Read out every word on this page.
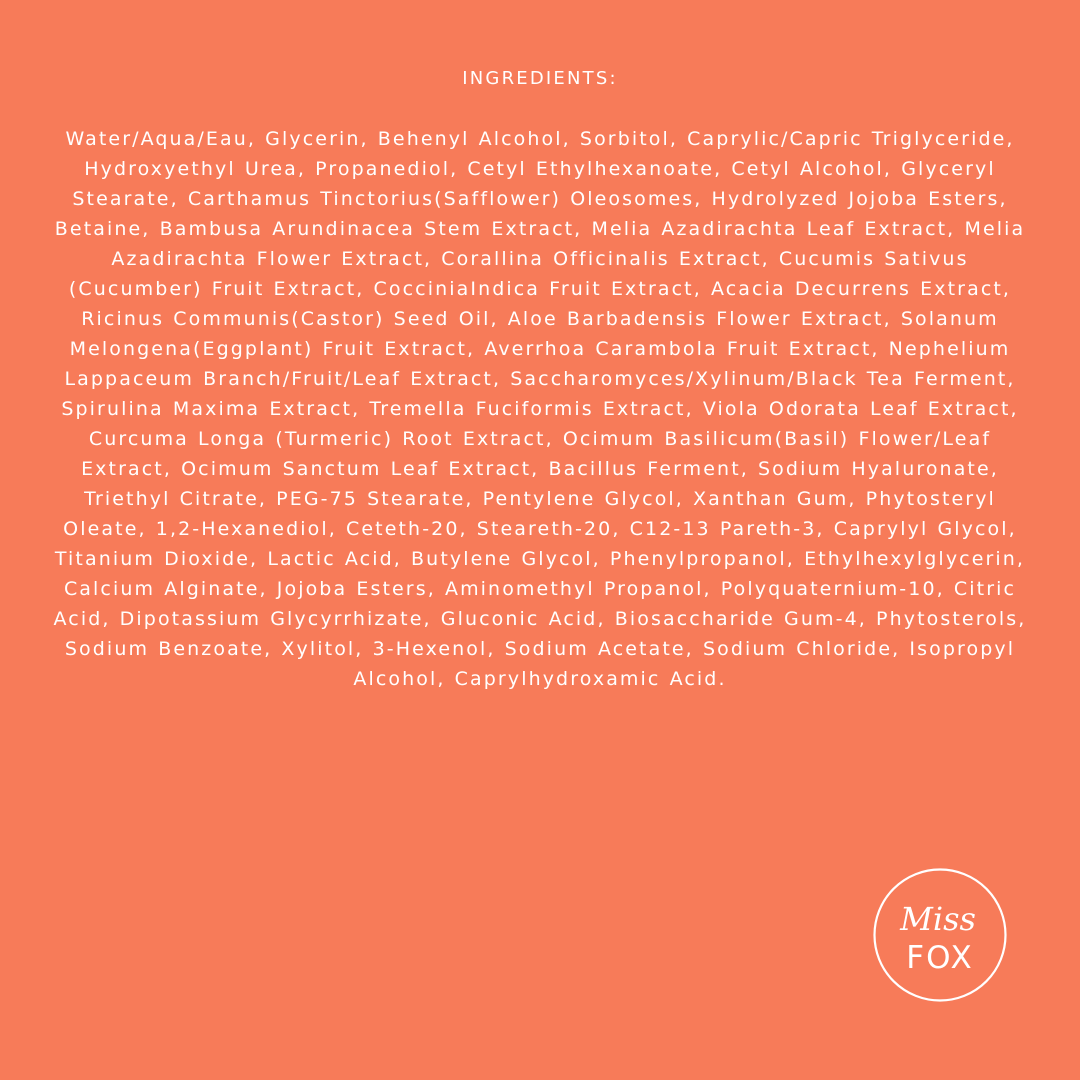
INGREDIENTS:
Water/Aqua/Eau, Glycerin, Behenyl Alcohol, Sorbitol, Caprylic/Capric Triglyceride, Hydroxyethyl Urea, Propanediol, Cetyl Ethylhexanoate, Cetyl Alcohol, Glyceryl Stearate, Carthamus Tinctorius(Safflower) Oleosomes, Hydrolyzed Jojoba Esters, Betaine, Bambusa Arundinacea Stem Extract, Melia Azadirachta Leaf Extract, Melia Azadirachta Flower Extract, Corallina Officinalis Extract, Cucumis Sativus (Cucumber) Fruit Extract, CocciniaIndica Fruit Extract, Acacia Decurrens Extract, Ricinus Communis(Castor) Seed Oil, Aloe Barbadensis Flower Extract, Solanum Melongena(Eggplant) Fruit Extract, Averrhoa Carambola Fruit Extract, Nephelium Lappaceum Branch/Fruit/Leaf Extract, Saccharomyces/Xylinum/Black Tea Ferment, Spirulina Maxima Extract, Tremella Fuciformis Extract, Viola Odorata Leaf Extract, Curcuma Longa (Turmeric) Root Extract, Ocimum Basilicum(Basil) Flower/Leaf Extract, Ocimum Sanctum Leaf Extract, Bacillus Ferment, Sodium Hyaluronate, Triethyl Citrate, PEG-75 Stearate, Pentylene Glycol, Xanthan Gum, Phytosteryl Oleate, 1,2-Hexanediol, Ceteth-20, Steareth-20, C12-13 Pareth-3, Caprylyl Glycol, Titanium Dioxide, Lactic Acid, Butylene Glycol, Phenylpropanol, Ethylhexylglycerin, Calcium Alginate, Jojoba Esters, Aminomethyl Propanol, Polyquaternium-10, Citric Acid, Dipotassium Glycyrrhizate, Gluconic Acid, Biosaccharide Gum-4, Phytosterols, Sodium Benzoate, Xylitol, 3-Hexenol, Sodium Acetate, Sodium Chloride, Isopropyl Alcohol, Caprylhydroxamic Acid.
Miss
FOX
